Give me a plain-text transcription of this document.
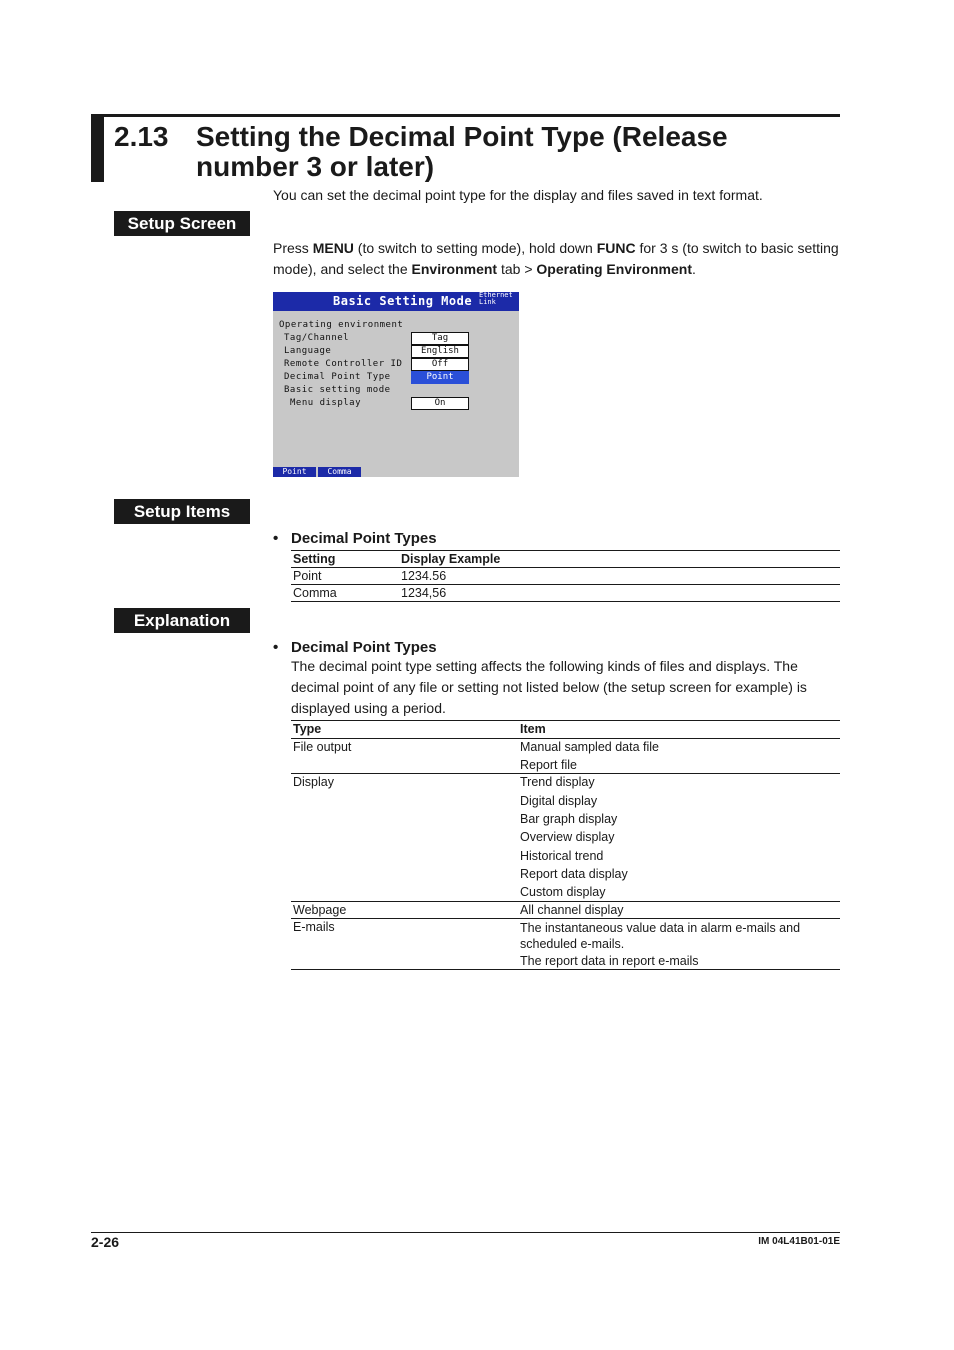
2.13 Setting the Decimal Point Type (Release number 3 or later)
You can set the decimal point type for the display and files saved in text format.
Setup Screen
Press MENU (to switch to setting mode), hold down FUNC for 3 s (to switch to basic setting mode), and select the Environment tab > Operating Environment.
Basic Setting Mode Ethernet
Link
Operating environment
Tag/Channel	Tag
Language	English
Remote Controller ID	Off
Decimal Point Type	Point
Basic setting mode
Menu display	On
Point	Comma
Setup Items
• Decimal Point Types
Setting	Display Example
Point	1234.56
Comma	1234,56
Explanation
• Decimal Point Types
The decimal point type setting affects the following kinds of files and displays. The decimal point of any file or setting not listed below (the setup screen for example) is displayed using a period.
Type	Item
File output	Manual sampled data file
Report file
Display	Trend display
Digital display
Bar graph display
Overview display
Historical trend
Report data display
Custom display
Webpage	All channel display
E-mails	The instantaneous value data in alarm e-mails and scheduled e-mails.
The report data in report e-mails
2-26	IM 04L41B01-01E
